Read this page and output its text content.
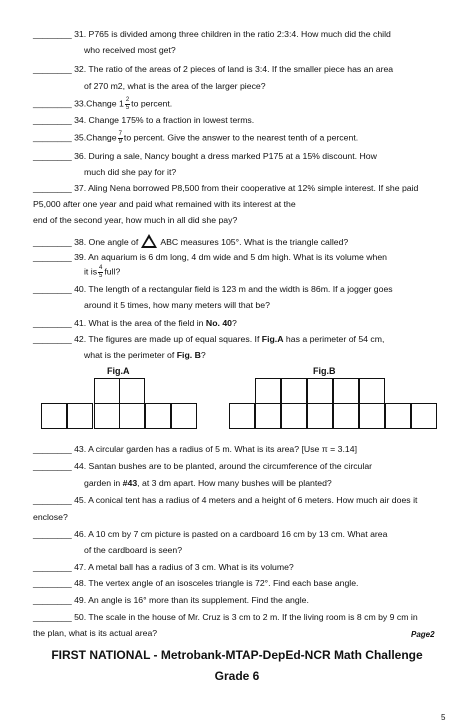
________ 31. P765 is divided among three children in the ratio 2:3:4. How much did the child
who received most get?
________ 32. The ratio of the areas of 2 pieces of land is 3:4. If the smaller piece has an area
of 270 m2, what is the area of the larger piece?
________ 33.Change $1 \frac{2}{5}$ to percent.
________ 34. Change 175% to a fraction in lowest terms.
________ 35.Change $\frac{7}{9}$ to percent. Give the answer to the nearest tenth of a percent.
________ 36. During a sale, Nancy bought a dress marked P175 at a 15% discount. How
much did she pay for it?
________ 37. Aling Nena borrowed P8,500 from their cooperative at 12% simple interest. If she paid
P5,000 after one year and paid what remained with its interest at the
end of the second year, how much in all did she pay?
________ 38. One angle of	ABC measures 105°. What is the triangle called?
________ 39. An aquarium is 6 dm long, 4 dm wide and 5 dm high. What is its volume when
it is $\frac{4}{5}$ full?
________ 40. The length of a rectangular field is 123 m and the width is 86m. If a jogger goes
around it 5 times, how many meters will that be?
________ 41. What is the area of the field in No. 40?
________ 42. The figures are made up of equal squares. If Fig.A has a perimeter of 54 cm,
what is the perimeter of Fig. B?
Fig.A	Fig.B
________ 43. A circular garden has a radius of 5 m. What is its area? [Use π = 3.14]
________ 44. Santan bushes are to be planted, around the circumference of the circular
garden in #43, at 3 dm apart. How many bushes will be planted?
________ 45. A conical tent has a radius of 4 meters and a height of 6 meters. How much air does it
enclose?
________ 46. A 10 cm by 7 cm picture is pasted on a cardboard 16 cm by 13 cm. What area
of the cardboard is seen?
________ 47. A metal ball has a radius of 3 cm. What is its volume?
________ 48. The vertex angle of an isosceles triangle is 72°. Find each base angle.
________ 49. An angle is 16° more than its supplement. Find the angle.
________ 50. The scale in the house of Mr. Cruz is 3 cm to 2 m. If the living room is 8 cm by 9 cm in
the plan, what is its actual area?	Page2
FIRST NATIONAL - Metrobank-MTAP-DepEd-NCR Math Challenge
Grade 6
5
